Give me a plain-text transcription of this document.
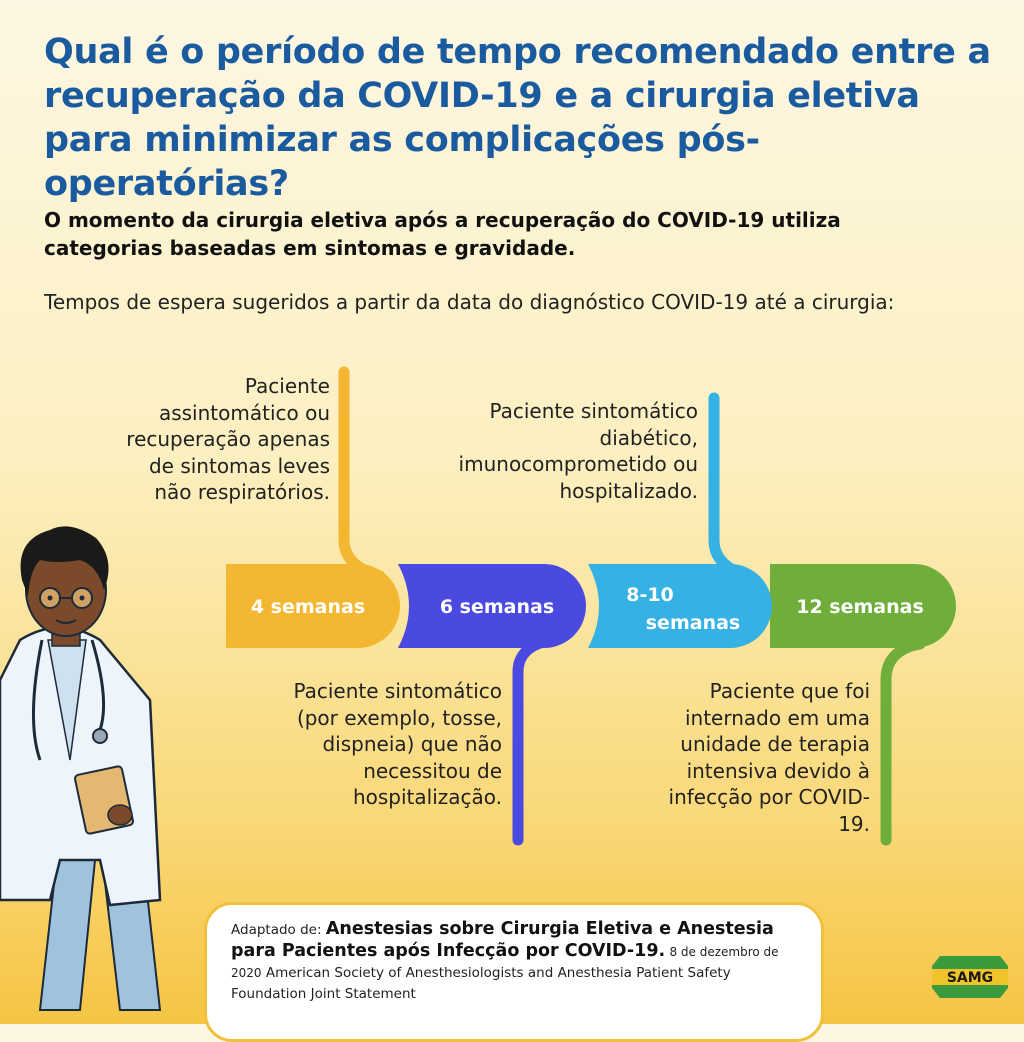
Qual é o período de tempo recomendado entre a recuperação da COVID-19 e a cirurgia eletiva para minimizar as complicações pós-operatórias?

O momento da cirurgia eletiva após a recuperação do COVID-19 utiliza categorias baseadas em sintomas e gravidade.

Tempos de espera sugeridos a partir da data do diagnóstico COVID-19 até a cirurgia:

4 semanas	6 semanas
8-10
semanas
12 semanas

Paciente assintomático ou recuperação apenas de sintomas leves não respiratórios.

Paciente sintomático diabético, imunocomprometido ou hospitalizado.

Paciente sintomático (por exemplo, tosse, dispneia) que não necessitou de hospitalização.

Paciente que foi internado em uma unidade de terapia intensiva devido à infecção por COVID-19.

Adaptado de: Anestesias sobre Cirurgia Eletiva e Anestesia para Pacientes após Infecção por COVID-19. 8 de dezembro de 2020 American Society of Anesthesiologists and Anesthesia Patient Safety Foundation Joint Statement

SAMG
